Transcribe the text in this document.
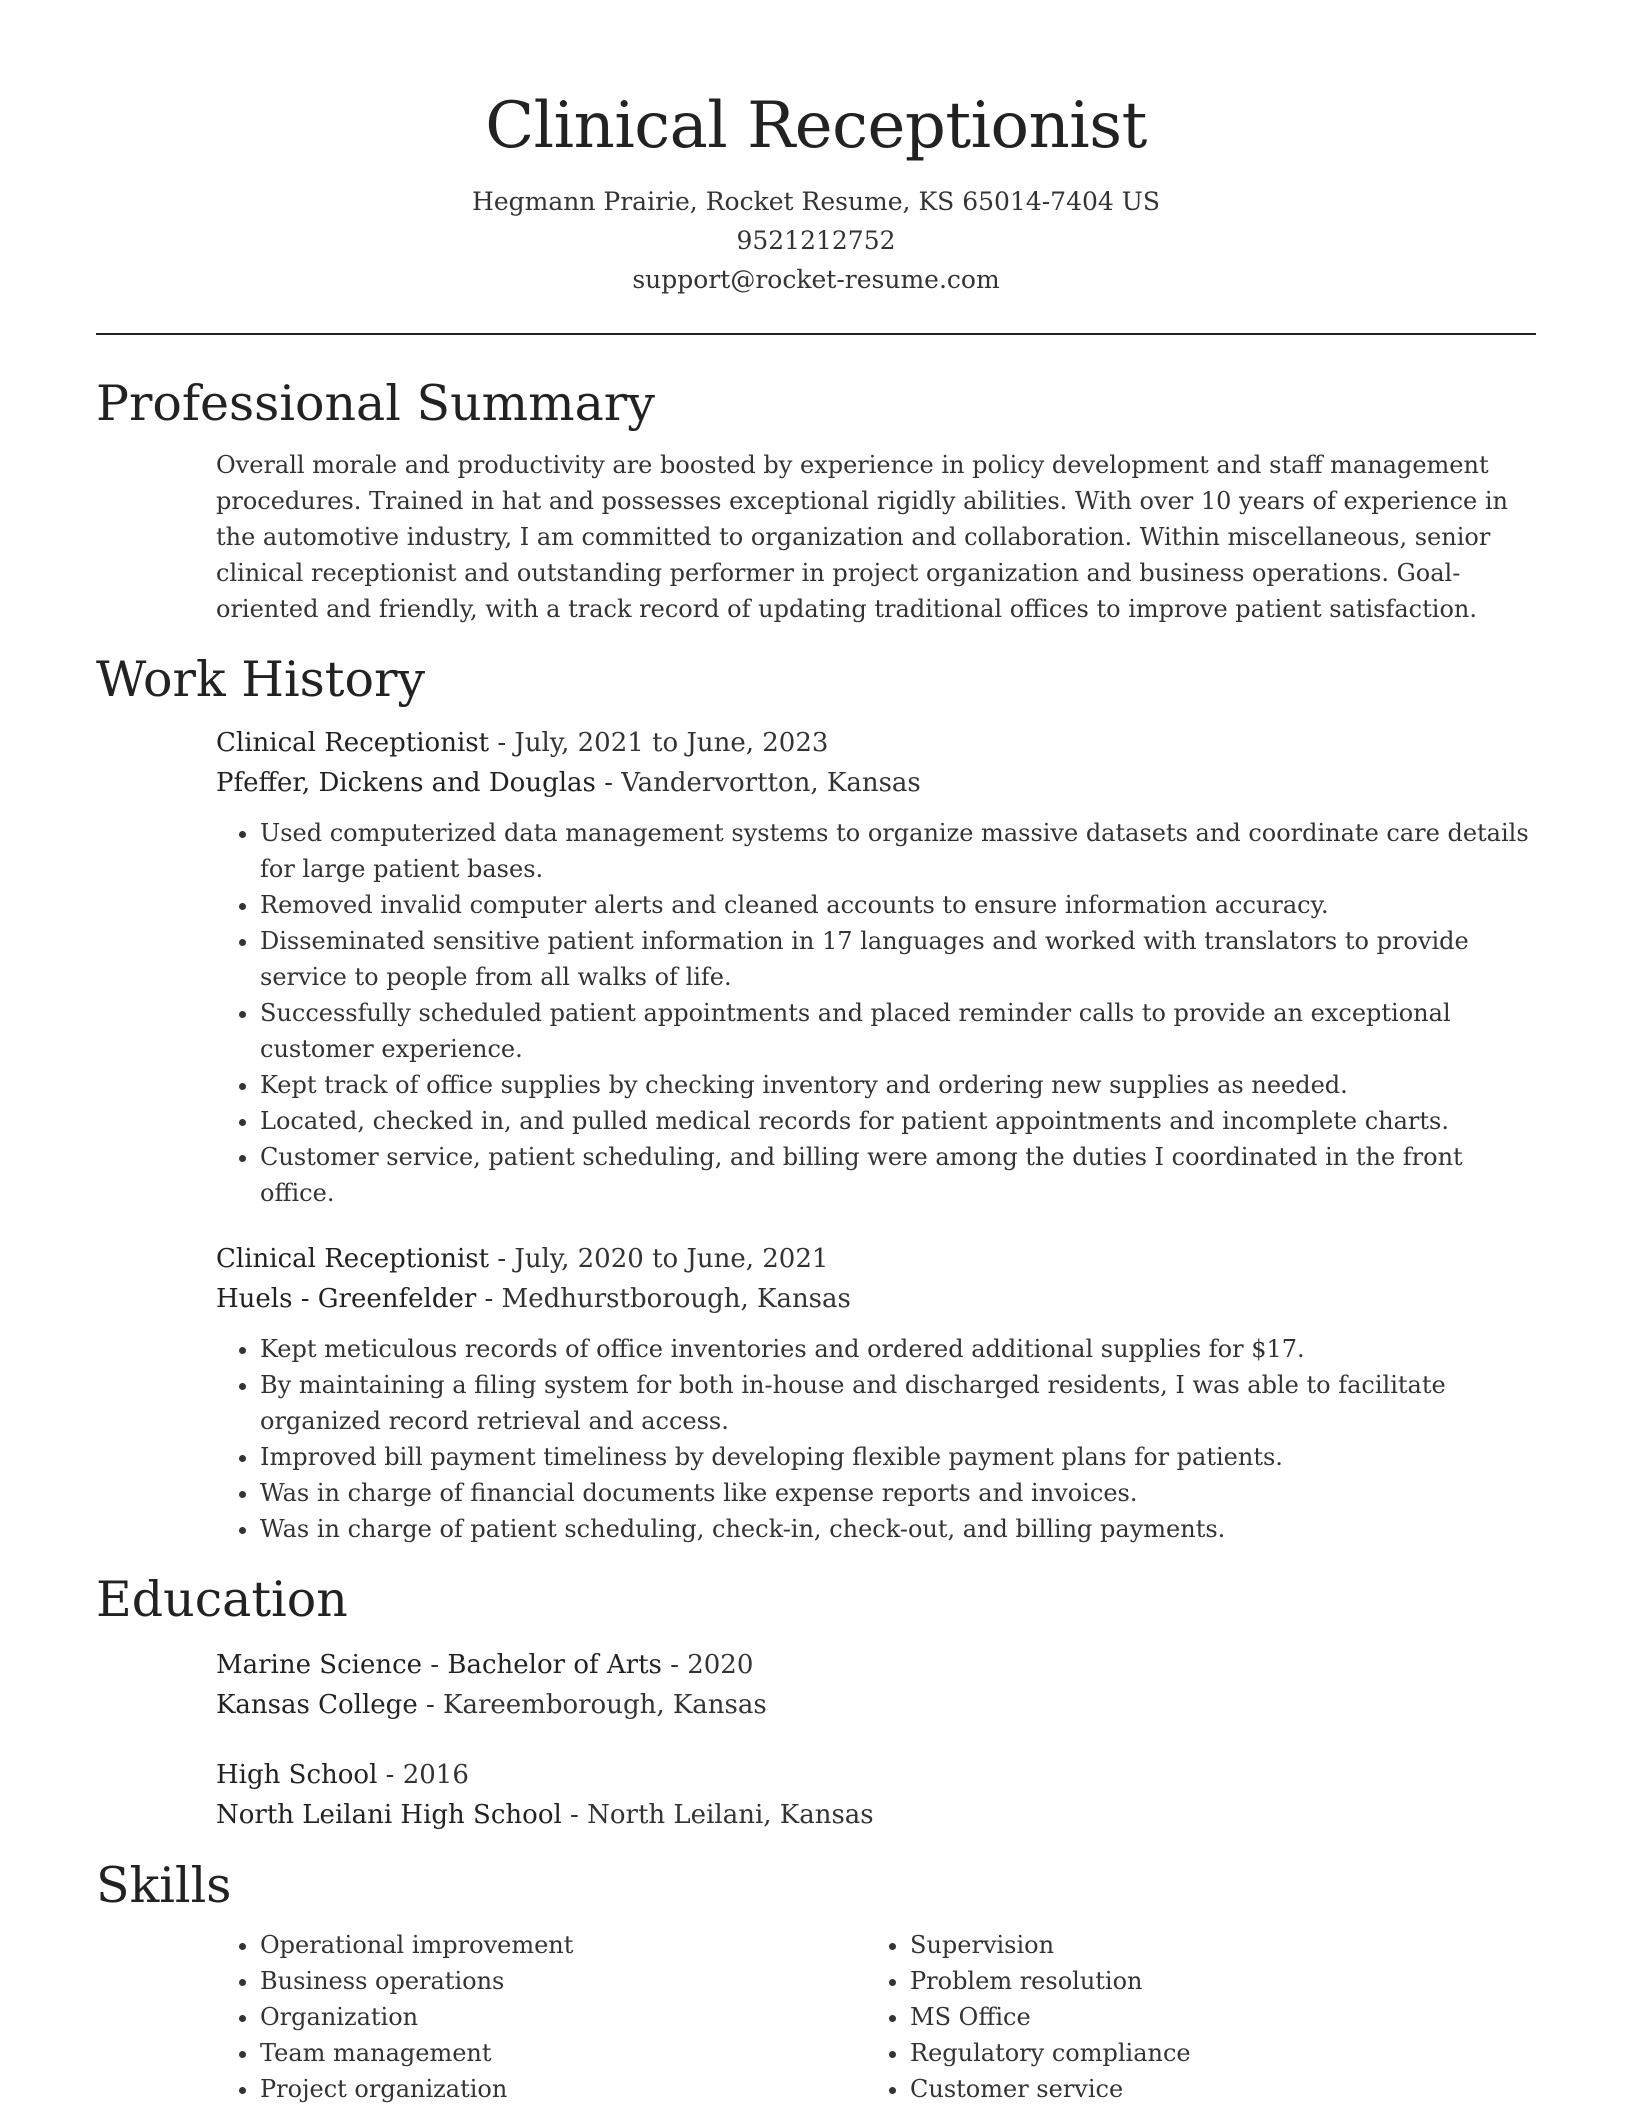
Clinical Receptionist
Hegmann Prairie, Rocket Resume, KS 65014-7404 US
9521212752
support@rocket-resume.com
Professional Summary

Overall morale and productivity are boosted by experience in policy development and staff management procedures. Trained in hat and possesses exceptional rigidly abilities. With over 10 years of experience in the automotive industry, I am committed to organization and collaboration. Within miscellaneous, senior clinical receptionist and outstanding performer in project organization and business operations. Goal-oriented and friendly, with a track record of updating traditional offices to improve patient satisfaction.

Work History
Clinical Receptionist - July, 2021 to June, 2023
Pfeffer, Dickens and Douglas - Vandervortton, Kansas
• Used computerized data management systems to organize massive datasets and coordinate care details for large patient bases.
• Removed invalid computer alerts and cleaned accounts to ensure information accuracy.
• Disseminated sensitive patient information in 17 languages and worked with translators to provide service to people from all walks of life.
• Successfully scheduled patient appointments and placed reminder calls to provide an exceptional customer experience.
• Kept track of office supplies by checking inventory and ordering new supplies as needed.
• Located, checked in, and pulled medical records for patient appointments and incomplete charts.
• Customer service, patient scheduling, and billing were among the duties I coordinated in the front office.
Clinical Receptionist - July, 2020 to June, 2021
Huels - Greenfelder - Medhurstborough, Kansas
• Kept meticulous records of office inventories and ordered additional supplies for $17.
• By maintaining a filing system for both in-house and discharged residents, I was able to facilitate organized record retrieval and access.
• Improved bill payment timeliness by developing flexible payment plans for patients.
• Was in charge of financial documents like expense reports and invoices.
• Was in charge of patient scheduling, check-in, check-out, and billing payments.
Education
Marine Science - Bachelor of Arts - 2020
Kansas College - Kareemborough, Kansas
High School - 2016
North Leilani High School - North Leilani, Kansas
Skills
• Operational improvement
• Business operations
• Organization
• Team management
• Project organization
• Supervision
• Problem resolution
• MS Office
• Regulatory compliance
• Customer service
